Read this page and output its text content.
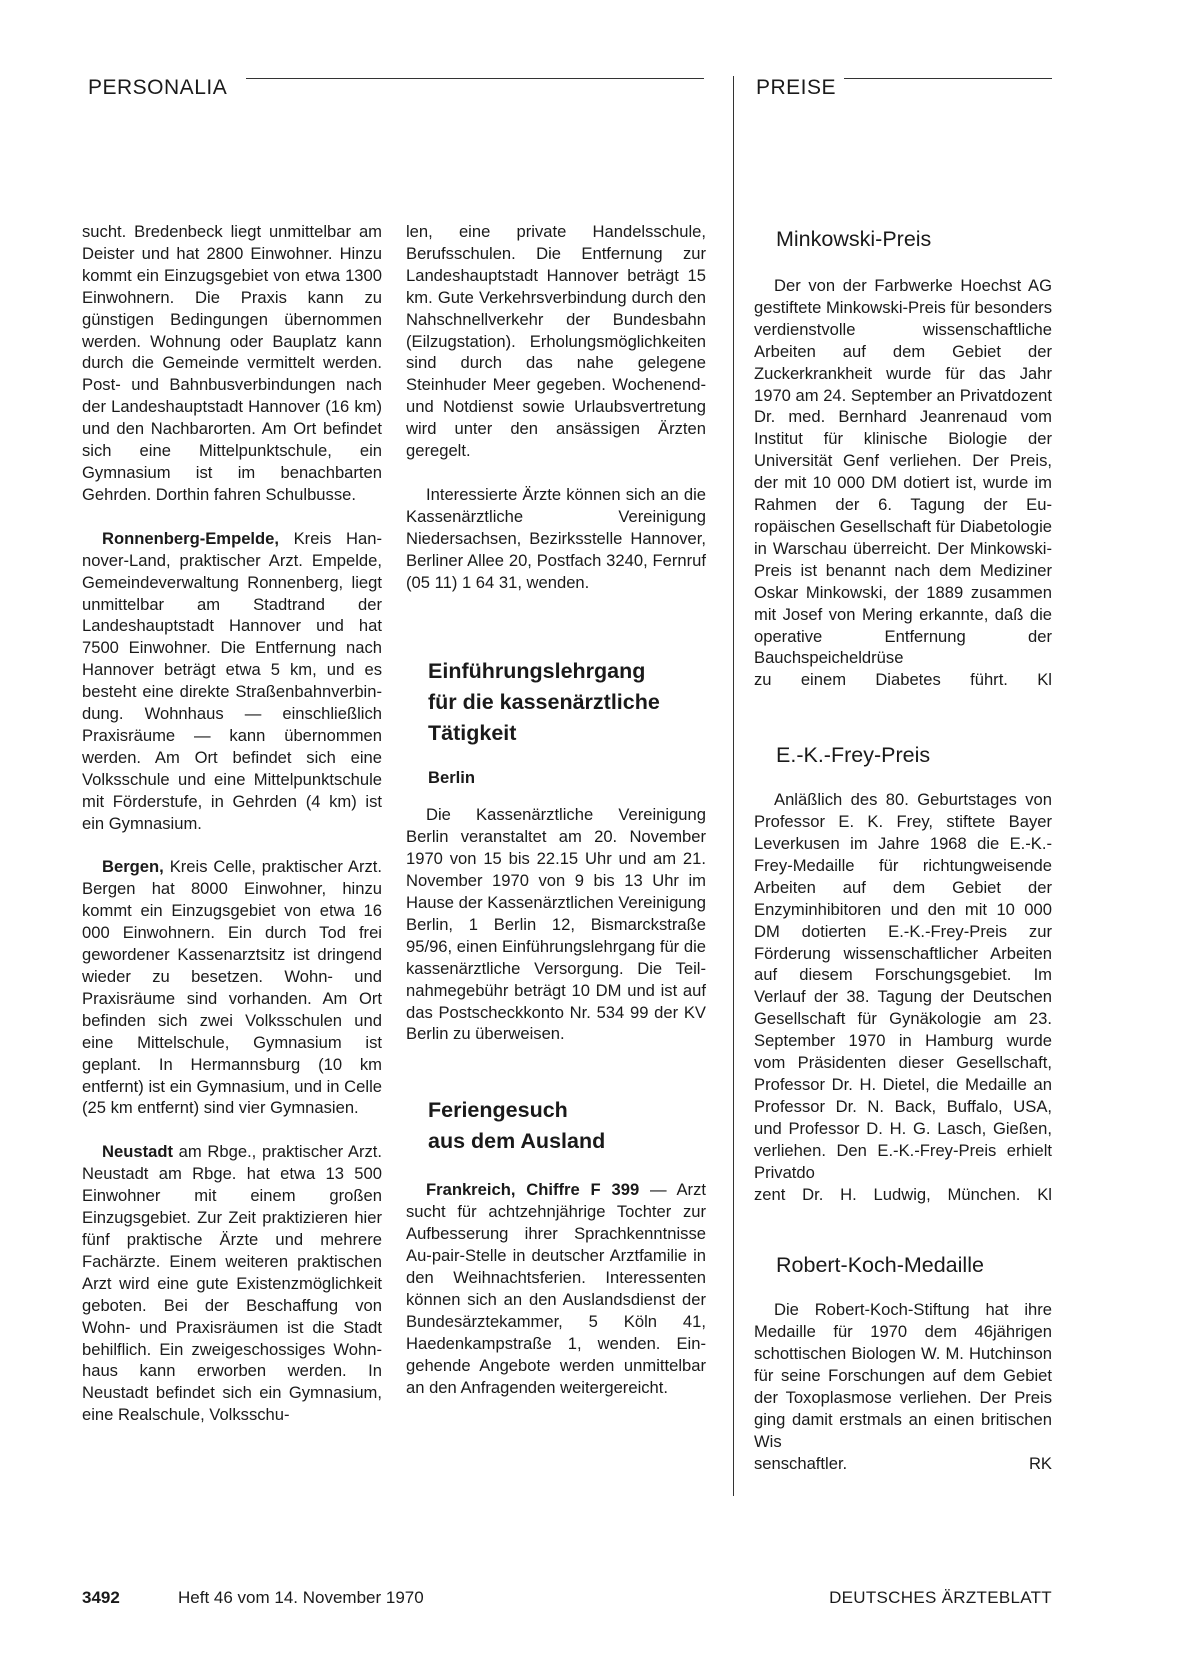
PERSONALIA	PREISE

sucht. Bredenbeck liegt unmittelbar am Deister und hat 2800 Einwohner. Hinzu kommt ein Einzugsgebiet von etwa 1300 Einwohnern. Die Praxis kann zu günstigen Bedingungen übernommen werden. Wohnung oder Bauplatz kann durch die Gemeinde vermittelt werden. Post- und Bahnbusverbindungen nach der Landeshauptstadt Hannover (16 km) und den Nachbarorten. Am Ort befindet sich eine Mittelpunktschule, ein Gymnasium ist im benachbarten Gehrden. Dorthin fahren Schulbusse.

Ronnenberg-Empelde, Kreis Hannover-Land, praktischer Arzt. Empelde, Gemeindeverwaltung Ronnenberg, liegt unmittelbar am Stadtrand der Landeshauptstadt Hannover und hat 7500 Einwohner. Die Entfernung nach Hannover beträgt etwa 5 km, und es besteht eine direkte Straßenbahnverbindung. Wohnhaus — einschließlich Praxisräume — kann übernommen werden. Am Ort befindet sich eine Volksschule und eine Mittelpunktschule mit Förderstufe, in Gehrden (4 km) ist ein Gymnasium.

Bergen, Kreis Celle, praktischer Arzt. Bergen hat 8000 Einwohner, hinzu kommt ein Einzugsgebiet von etwa 16 000 Einwohnern. Ein durch Tod frei gewordener Kassenarztsitz ist dringend wieder zu besetzen. Wohn- und Praxisräume sind vorhanden. Am Ort befinden sich zwei Volksschulen und eine Mittelschule, Gymnasium ist geplant. In Hermannsburg (10 km entfernt) ist ein Gymnasium, und in Celle (25 km entfernt) sind vier Gymnasien.

Neustadt am Rbge., praktischer Arzt. Neustadt am Rbge. hat etwa 13 500 Einwohner mit einem großen Einzugsgebiet. Zur Zeit praktizieren hier fünf praktische Ärzte und mehrere Fachärzte. Einem weiteren praktischen Arzt wird eine gute Existenzmöglichkeit geboten. Bei der Beschaffung von Wohn- und Praxisräumen ist die Stadt behilflich. Ein zweigeschossiges Wohnhaus kann erworben werden. In Neustadt befindet sich ein Gymnasium, eine Realschule, Volksschu-

len, eine private Handelsschule, Berufsschulen. Die Entfernung zur Landeshauptstadt Hannover beträgt 15 km. Gute Verkehrsverbindung durch den Nahschnellverkehr der Bundesbahn (Eilzugstation). Erholungsmöglichkeiten sind durch das nahe gelegene Steinhuder Meer gegeben. Wochenend- und Notdienst sowie Urlaubsvertretung wird unter den ansässigen Ärzten geregelt.

Interessierte Ärzte können sich an die Kassenärztliche Vereinigung Niedersachsen, Bezirksstelle Hannover, Berliner Allee 20, Postfach 3240, Fernruf (05 11) 1 64 31, wenden.

Einführungslehrgang
für die kassenärztliche
Tätigkeit
Berlin

Die Kassenärztliche Vereinigung Berlin veranstaltet am 20. November 1970 von 15 bis 22.15 Uhr und am 21. November 1970 von 9 bis 13 Uhr im Hause der Kassenärztlichen Vereinigung Berlin, 1 Berlin 12, Bismarckstraße 95/96, einen Einführungslehrgang für die kassenärztliche Versorgung. Die Teilnahmegebühr beträgt 10 DM und ist auf das Postscheckkonto Nr. 534 99 der KV Berlin zu überweisen.

Feriengesuch
aus dem Ausland

Frankreich, Chiffre F 399 — Arzt sucht für achtzehnjährige Tochter zur Aufbesserung ihrer Sprachkenntnisse Au-pair-Stelle in deutscher Arztfamilie in den Weihnachtsferien. Interessenten können sich an den Auslandsdienst der Bundesärztekammer, 5 Köln 41, Haedenkampstraße 1, wenden. Eingehende Angebote werden unmittelbar an den Anfragenden weitergereicht.

Minkowski-Preis

Der von der Farbwerke Hoechst AG gestiftete Minkowski-Preis für besonders verdienstvolle wissenschaftliche Arbeiten auf dem Gebiet der Zuckerkrankheit wurde für das Jahr 1970 am 24. September an Privatdozent Dr. med. Bernhard Jeanrenaud vom Institut für klinische Biologie der Universität Genf verliehen. Der Preis, der mit 10 000 DM dotiert ist, wurde im Rahmen der 6. Tagung der Europäischen Gesellschaft für Diabetologie in Warschau überreicht. Der Minkowski-Preis ist benannt nach dem Mediziner Oskar Minkowski, der 1889 zusammen mit Josef von Mering erkannte, daß die operative Entfernung der Bauchspeicheldrüse

zu einem Diabetes führt. Kl

E.-K.-Frey-Preis

Anläßlich des 80. Geburtstages von Professor E. K. Frey, stiftete Bayer Leverkusen im Jahre 1968 die E.-K.-Frey-Medaille für richtungweisende Arbeiten auf dem Gebiet der Enzyminhibitoren und den mit 10 000 DM dotierten E.-K.-Frey-Preis zur Förderung wissenschaftlicher Arbeiten auf diesem Forschungsgebiet. Im Verlauf der 38. Tagung der Deutschen Gesellschaft für Gynäkologie am 23. September 1970 in Hamburg wurde vom Präsidenten dieser Gesellschaft, Professor Dr. H. Dietel, die Medaille an Professor Dr. N. Back, Buffalo, USA, und Professor D. H. G. Lasch, Gießen, verliehen. Den E.-K.-Frey-Preis erhielt Privatdo

zent Dr. H. Ludwig, München. Kl

Robert-Koch-Medaille

Die Robert-Koch-Stiftung hat ihre Medaille für 1970 dem 46jährigen schottischen Biologen W. M. Hutchinson für seine Forschungen auf dem Gebiet der Toxoplasmose verliehen. Der Preis ging damit erstmals an einen britischen Wis

senschaftler.	RK

3492	Heft 46 vom 14. November 1970	DEUTSCHES ÄRZTEBLATT
